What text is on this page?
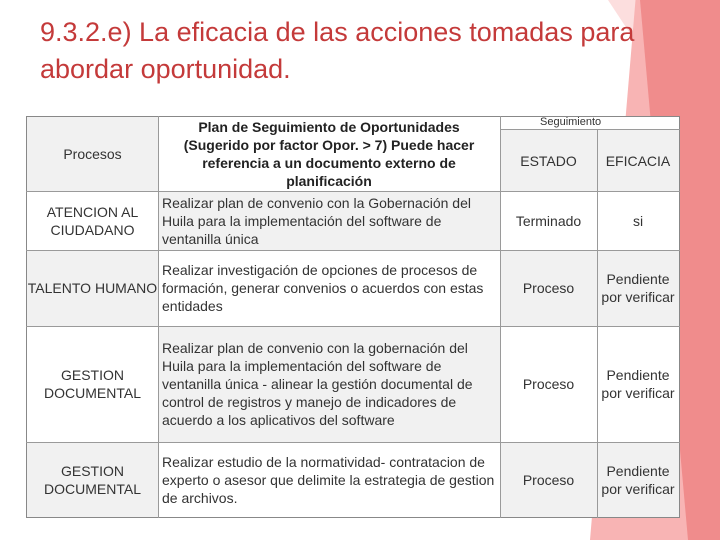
9.3.2.e) La eficacia de las acciones tomadas para abordar oportunidad.
Procesos
Plan de Seguimiento de Oportunidades (Sugerido por factor Opor. > 7) Puede hacer referencia a un documento externo de planificación
Seguimiento
ESTADO EFICACIA
ATENCION AL CIUDADANO
Realizar plan de convenio con la Gobernación del Huila para la implementación del software de ventanilla única
Terminado	si
TALENTO HUMANO
Realizar investigación de opciones de procesos de formación, generar convenios o acuerdos con estas entidades
Proceso
Pendiente por verificar
GESTION DOCUMENTAL
Realizar plan de convenio con la gobernación del Huila para la implementación del software de ventanilla única - alinear la gestión documental de control de registros y manejo de indicadores de acuerdo a los aplicativos del software
Proceso
Pendiente por verificar
GESTION DOCUMENTAL
Realizar estudio de la normatividad- contratacion de experto o asesor que delimite la estrategia de gestion de archivos.
Proceso
Pendiente por verificar
